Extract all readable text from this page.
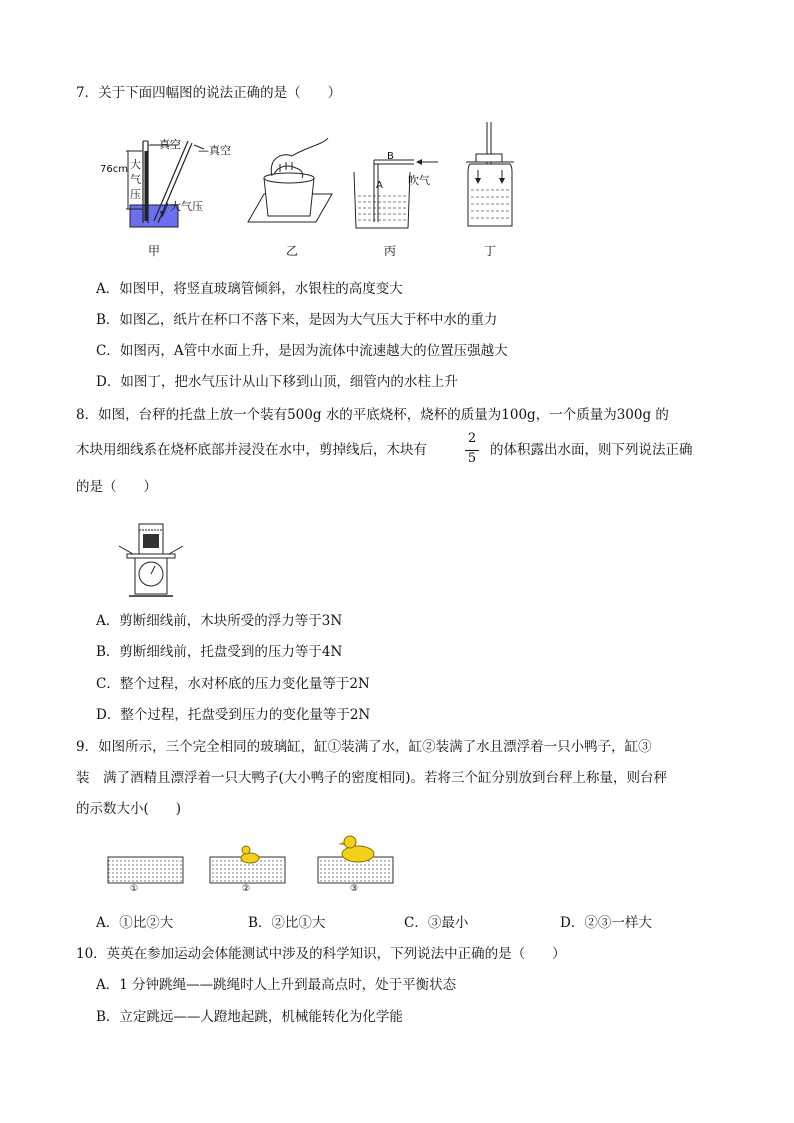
7．关于下面四幅图的说法正确的是（　　）
—真空 —真空
76cm 大气压
大气压
甲	乙
B
A 吹气
丙	丁
A．如图甲，将竖直玻璃管倾斜，水银柱的高度变大
B．如图乙，纸片在杯口不落下来，是因为大气压大于杯中水的重力
C．如图丙，A管中水面上升，是因为流体中流速越大的位置压强越大
D．如图丁，把水气压计从山下移到山顶，细管内的水柱上升
8．如图，台秤的托盘上放一个装有500g 水的平底烧杯，烧杯的质量为100g，一个质量为300g 的
木块用细线系在烧杯底部并浸没在水中，剪掉线后，木块有
2
5
的体积露出水面，则下列说法正确
的是（　　）
A．剪断细线前，木块所受的浮力等于3N
B．剪断细线前，托盘受到的压力等于4N
C．整个过程，水对杯底的压力变化量等于2N
D．整个过程，托盘受到压力的变化量等于2N
9．如图所示，三个完全相同的玻璃缸，缸①装满了水，缸②装满了水且漂浮着一只小鸭子，缸③
装　满了酒精且漂浮着一只大鸭子(大小鸭子的密度相同)。若将三个缸分别放到台秤上称量，则台秤
的示数大小(　　)
①	②	③
A．①比②大	B．②比①大	C．③最小	D．②③一样大
10．英英在参加运动会体能测试中涉及的科学知识，下列说法中正确的是（　　）
A．1 分钟跳绳——跳绳时人上升到最高点时，处于平衡状态
B．立定跳远——人蹬地起跳，机械能转化为化学能
